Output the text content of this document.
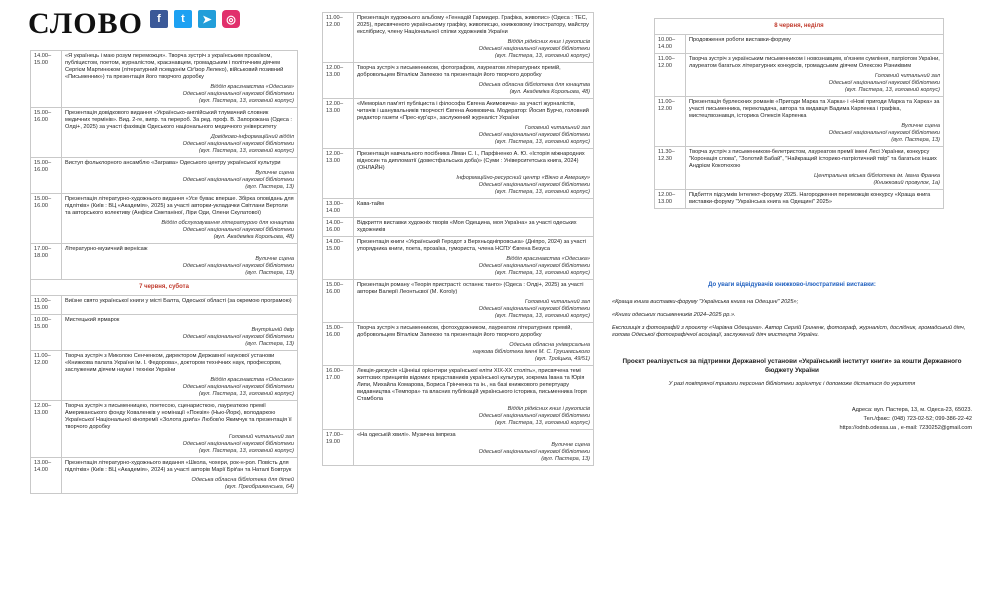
СЛОВО	f	t	➤	◎
14.00–
15.00	«Я українець і маю розум переможця». Творча зустріч з українським прозаїком, публіцистом, поетом, журналістом, краєзнавцем, громадським і політичним діячем Сергієм Мартинюком (літературний псевдонім Сіґізор Лелеко), військовий позивний «Письменник») та презентація його творчого доробку
Відділ краєзнавства «Одесика»
Одеської національної наукової бібліотеки
(вул. Пастера, 13, головний корпус)

15.00–
16.00	Презентація довідкового видання «Українсько-англійський тлумачний словник медичних термінів». Вид. 2-ге, випр. та перероб. За ред. проф. В. Запорожана (Одеса : Олді+, 2025) за участі фахівців Одеського національного медичного університету
Довідково-інформаційний відділ
Одеської національної наукової бібліотеки
(вул. Пастера, 13, головний корпус)

15.00–
16.00	Виступ фольклорного ансамблю «Заграва» Одеського центру української культури
Вуличне сцена
Одеської національної наукової бібліотеки
(вул. Пастера, 13)

15.00–
16.00	Презентація літературно-художнього видання «Усе буває вперше. Збірка оповідань для підлітків» (Київ : ВЦ «Академія», 2025) за участі авторки-укладачки Світлани Вертоли та авторського колективу (Анфіси Сметаніної, Ліри Оди, Олени Скулатової)
Відділ обслуговування літературою для юнацтва
Одеської національної наукової бібліотеки
(вул. Академіка Корольова, 48)

17.00–
18.00	Літературно-музичний вернісаж
Вуличне сцена
Одеської національної наукової бібліотеки
(вул. Пастера, 13)

7 червня, субота	
11.00–
15.00	Виїзне свято української книги у місті Балта, Одеської області (за окремою програмою)

10.00–
15.00	Мистецький ярмарок
Внутрішній двір
Одеської національної наукової бібліотеки
(вул. Пастера, 13)

11.00–
12.00	Творча зустріч з Миколою Сенченком, директором Державної наукової установи «Книжкова палата України ім. І. Федорова», доктором технічних наук, професором, заслуженим діячем науки і техніки України
Відділ краєзнавства «Одесика»
Одеської національної наукової бібліотеки
(вул. Пастера, 13, головний корпус)

12.00–
13.00	Творча зустріч з письменницею, поетесою, сценаристкою, лауреаткою премії Американського фонду Коваленків у номінації «Поезія» (Нью-Йорк), володаркою Української Національної кінопремії «Золота дзиґа» Любов'ю Якимчук та презентація її творчого доробку
Головний читальний зал
Одеської національної наукової бібліотеки
(вул. Пастера, 13, головний корпус)

13.00–
14.00	Презентація літературно-художнього видання «Школа, чохери, рок-н-рол. Повість для підлітків» (Київ : ВЦ «Академія», 2024) за участі авторів Марії Бріґан та Наталі Бовтрук
Одеська обласна бібліотека для дітей
(вул. Преображенська, 64)
11.00–
12.00	Презентація художнього альбому «Геннадій Гармидер. Графіка, живопис» (Одеса : ТЕС, 2025), присвяченого українському графіку, живописцю, книжковому ілюстратору, майстру екслібрису, члену Національної спілки художників України
Відділ рідкісних книг і рукописів
Одеської національної наукової бібліотеки
(вул. Пастера, 13, головний корпус)

12.00–
13.00	Творча зустріч з письменником, фотографом, лауреатом літературних премій, добровольцем Віталієм Запекою та презентація його творчого доробку
Одеська обласна бібліотека для юнацтва
(вул. Академіка Корольова, 48)

12.00–
13.00	«Меморіал пам'яті публіциста і філософа Євгена Акимовича» за участі журналістів, читачів і шанувальників творчості Євгена Акимовича. Модератор: Йосип Бурчо, головний редактор газети «Прес-кур'єр», заслужений журналіст України
Головний читальний зал
Одеської національної наукової бібліотеки
(вул. Пастера, 13, головний корпус)

12.00–
13.00	Презентація навчального посібника Ліман С. І., Парфіненко А. Ю. «Історія міжнародних відносин та дипломатії (довестфальська доба)» (Суми : Університетська книга, 2024) (ОНЛАЙН)
Інформаційно-ресурсний центр «Вікно в Америку»
Одеської національної наукової бібліотеки
(вул. Пастера, 13, головний корпус)

13.00–
14.00	Кава-тайм

14.00–
16.00	Відкриття виставки художніх творів «Моя Одещина, моя Україна» за участі одеських художників

14.00–
15.00	Презентація книги «Український Геродот з Верхньодніпровська» (Дніпро, 2024) за участі упорядника книги, поета, прозаїка, гумориста, члена НСПУ Євгена Безуса
Відділ краєзнавства «Одесика»
Одеської національної наукової бібліотеки
(вул. Пастера, 13, головний корпус)

15.00–
16.00	Презентація роману «Теорія пристрасті: останнє танго» (Одеса : Олді+, 2025) за участі авторки Валерії Леонтьєвої (М. Koroly)
Головний читальний зал
Одеської національної наукової бібліотеки
(вул. Пастера, 13, головний корпус)

15.00–
16.00	Творча зустріч з письменником, фотохудожником, лауреатом літературних премій, добровольцем Віталієм Запекою та презентація його творчого доробку
Одеська обласна універсальна
наукова бібліотека імені М. С. Грушевського
(вул. Троїцька, 49/51)

16.00–
17.00	Лекція-дискусія «Цінніші орієнтири української еліти XIX-XX століть», присвячена темі життєвих принципів відомих представників української культури, зокрема Івана та Юрія Липи, Михайла Комарова, Бориса Грінченка та ін., на базі книжкового репертуару видавництва «Темпора» та власних публікацій українського історика, письменника Ігоря Стамбола
Відділ рідкісних книг і рукописів
Одеської національної наукової бібліотеки
(вул. Пастера, 13, головний корпус)

17.00–
19.00	«На одеській хвилі». Музична імпреза
Вуличне сцена
Одеської національної наукової бібліотеки
(вул. Пастера, 13)
8 червня, неділя	
10.00–
14.00	Продовження роботи виставки-форуму

11.00–
12.00	Творча зустріч з українським письменником і новознавцем, в'язнем сумління, патріотом України, лауреатом багатьох літературних конкурсів, громадським діячем Олексою Різниківим
Головний читальний зал
Одеської національної наукової бібліотеки
(вул. Пастера, 13, головний корпус)

11.00–
12.00	Презентація бурлескних романів «Пригоди Марка та Харка» і «Нові пригоди Марка та Харка» за участі письменника, перекладача, автора та видавця Вадима Карпенка і графіка, мистецтвознавця, історика Олексія Карпенка
Вуличне сцена
Одеської національної наукової бібліотеки
(вул. Пастера, 13)

11.30–
12.30	Творча зустріч з письменником-белетристом, лауреатом премії імені Лесі Українки, конкурсу "Коронація слова", "Золотий Бабай", "Найкращий історико-патріотичний твір" та багатьох інших Андрієм Кокотюхою
Центральна міська бібліотека ім. Івана Франка
(Книжковий провулок, 1а)

12.00–
13.00	Підбиття підсумків Інтелект-форуму 2025. Нагородження переможців конкурсу «Краща книга виставки-форуму "Українська книга на Одещині" 2025»
До уваги відвідувачів книжково-ілюстративні виставки:
«Краща книга виставки-форуму "Українська книга на Одещині" 2025»;
«Книги одеських письменників 2024–2025 рр.».
Експозиція з фотографій з проєкту «Чарівна Одещина». Автор Сергій Гриненк, фотограф, журналіст, дослідник, громадський діяч, голова Одеської фотографічної асоціації, заслужений діяч мистецтв України.
Проєкт реалізується за підтримки Державної установи «Український інститут книги» за кошти Державного бюджету України
У разі повітряної тривоги персонал бібліотеки зорієнтує і допоможе дістатися до укриття
Адреса: вул. Пастера, 13, м. Одеса-23, 65023.
Тел./факс: (048) 723-02-52; 099-386-22-42
https://odnb.odessa.ua , e-mail: 7230252@gmail.com
